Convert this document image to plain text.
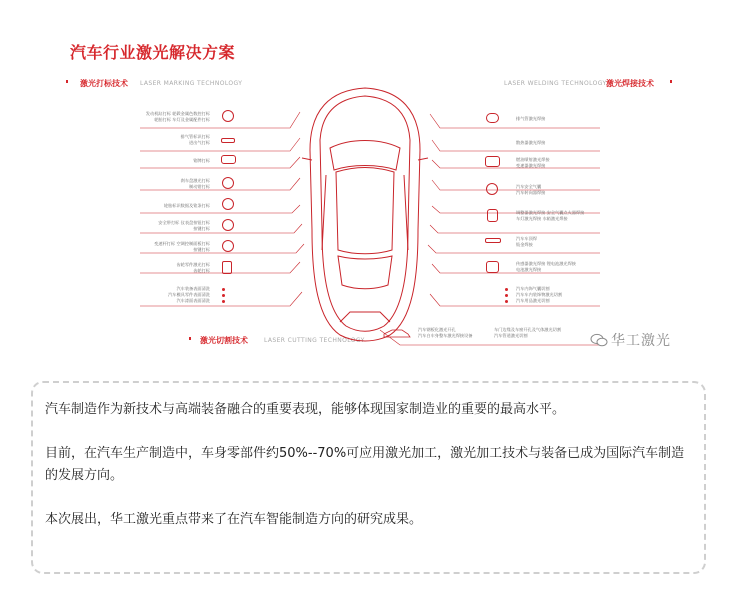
汽车行业激光解决方案
激光打标技术 LASER MARKING TECHNOLOGY	LASER WELDING TECHNOLOGY 激光焊接技术
激光切割技术	LASER CUTTING TECHNOLOGY
发动机缸打标 轮毂金属色数控打标
轮胎打标 车灯及金属配件打标
排气管标识打标
进出气打标
铭牌打标
刹车盘激光打标
制动钳打标
轮胎标识数据及铭条打标
安全带打标 仪表盘按钮打标
按键打标
变速杆打标 空调控制面板打标
按键打标
齿轮零件激光打标
齿轮打标
汽车装备表面清洗
汽车模具零件表面清洗
汽车漆面表面清洗
排气管激光焊接
散热器激光焊接
燃油喷射激光焊接
变速器激光焊接
汽车安全气囊
汽车转向器焊接
调整器激光焊接 安全气囊点火器焊接
车灯激光焊接 水箱激光焊接
汽车车顶焊
钣金焊接
传感器激光焊接 锂电池激光焊接
电池激光焊接
汽车内饰气囊切割
汽车车内装饰物激光切割
汽车用品激光切割
汽车钢板化激光开孔
汽车白车身整车激光焊接设备
车门边缘及车窗开孔及气体激光切割
汽车管道激光切割	华工激光

汽车制造作为新技术与高端装备融合的重要表现，能够体现国家制造业的重要的最高水平。

目前，在汽车生产制造中，车身零部件约50%--70%可应用激光加工，激光加工技术与装备已成为国际汽车制造的发展方向。

本次展出，华工激光重点带来了在汽车智能制造方向的研究成果。
